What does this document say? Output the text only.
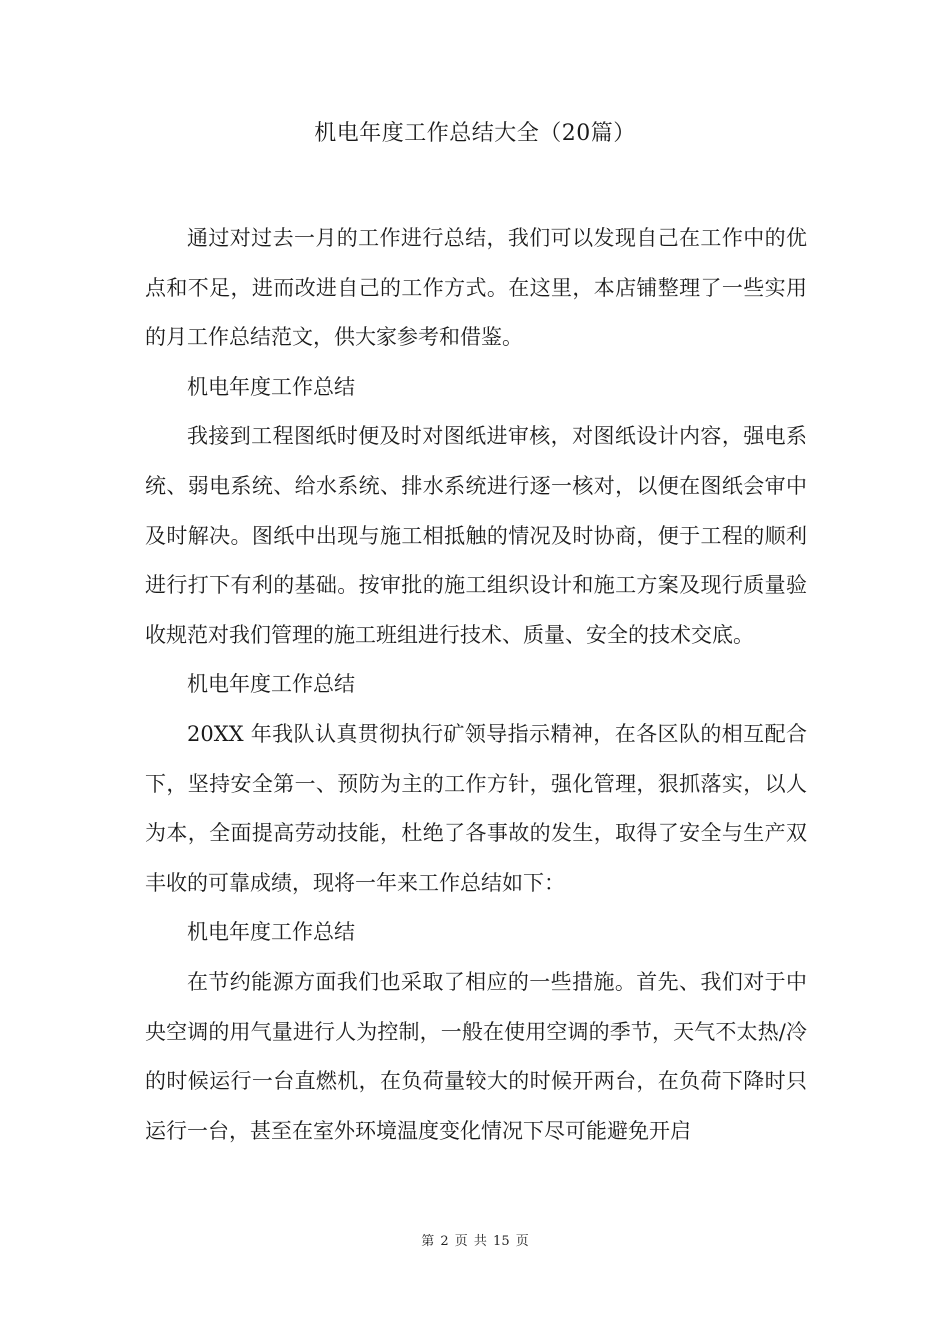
机电年度工作总结大全（20篇）

通过对过去一月的工作进行总结，我们可以发现自己在工作中的优点和不足，进而改进自己的工作方式。在这里，本店铺整理了一些实用的月工作总结范文，供大家参考和借鉴。

机电年度工作总结

我接到工程图纸时便及时对图纸进审核，对图纸设计内容，强电系统、弱电系统、给水系统、排水系统进行逐一核对，以便在图纸会审中及时解决。图纸中出现与施工相抵触的情况及时协商，便于工程的顺利进行打下有利的基础。按审批的施工组织设计和施工方案及现行质量验收规范对我们管理的施工班组进行技术、质量、安全的技术交底。

机电年度工作总结

20XX 年我队认真贯彻执行矿领导指示精神，在各区队的相互配合下，坚持安全第一、预防为主的工作方针，强化管理，狠抓落实，以人为本，全面提高劳动技能，杜绝了各事故的发生，取得了安全与生产双丰收的可靠成绩，现将一年来工作总结如下：

机电年度工作总结

在节约能源方面我们也采取了相应的一些措施。首先、我们对于中央空调的用气量进行人为控制，一般在使用空调的季节，天气不太热/冷的时候运行一台直燃机，在负荷量较大的时候开两台，在负荷下降时只运行一台，甚至在室外环境温度变化情况下尽可能避免开启

第 2 页 共 15 页
